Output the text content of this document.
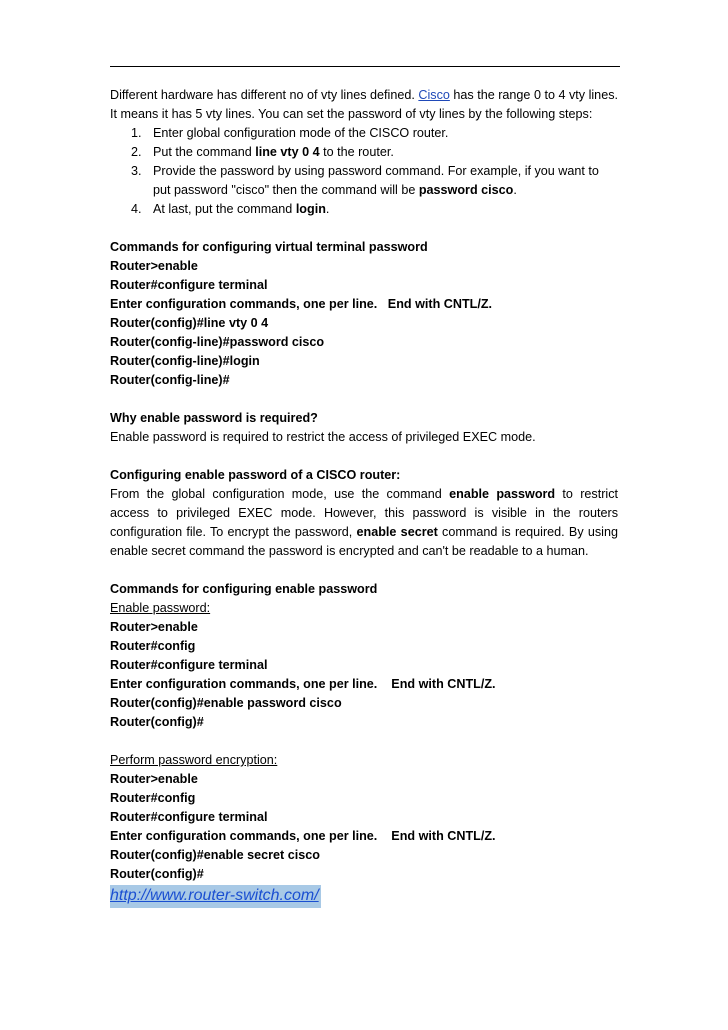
Different hardware has different no of vty lines defined. Cisco has the range 0 to 4 vty lines. It means it has 5 vty lines. You can set the password of vty lines by the following steps:

1. Enter global configuration mode of the CISCO router.
2. Put the command line vty 0 4 to the router.
3. Provide the password by using password command. For example, if you want to put password "cisco" then the command will be password cisco.
4. At last, put the command login.

Commands for configuring virtual terminal password

Router>enable

Router#configure terminal

Enter configuration commands, one per line.   End with CNTL/Z.

Router(config)#line vty 0 4

Router(config-line)#password cisco

Router(config-line)#login

Router(config-line)#

Why enable password is required?

Enable password is required to restrict the access of privileged EXEC mode.

Configuring enable password of a CISCO router:

From the global configuration mode, use the command enable password to restrict access to privileged EXEC mode. However, this password is visible in the routers configuration file. To encrypt the password, enable secret command is required. By using enable secret command the password is encrypted and can't be readable to a human.

Commands for configuring enable password

Enable password:

Router>enable

Router#config

Router#configure terminal

Enter configuration commands, one per line.    End with CNTL/Z.

Router(config)#enable password cisco

Router(config)#

Perform password encryption:

Router>enable

Router#config

Router#configure terminal

Enter configuration commands, one per line.    End with CNTL/Z.

Router(config)#enable secret cisco

Router(config)#

http://www.router-switch.com/
